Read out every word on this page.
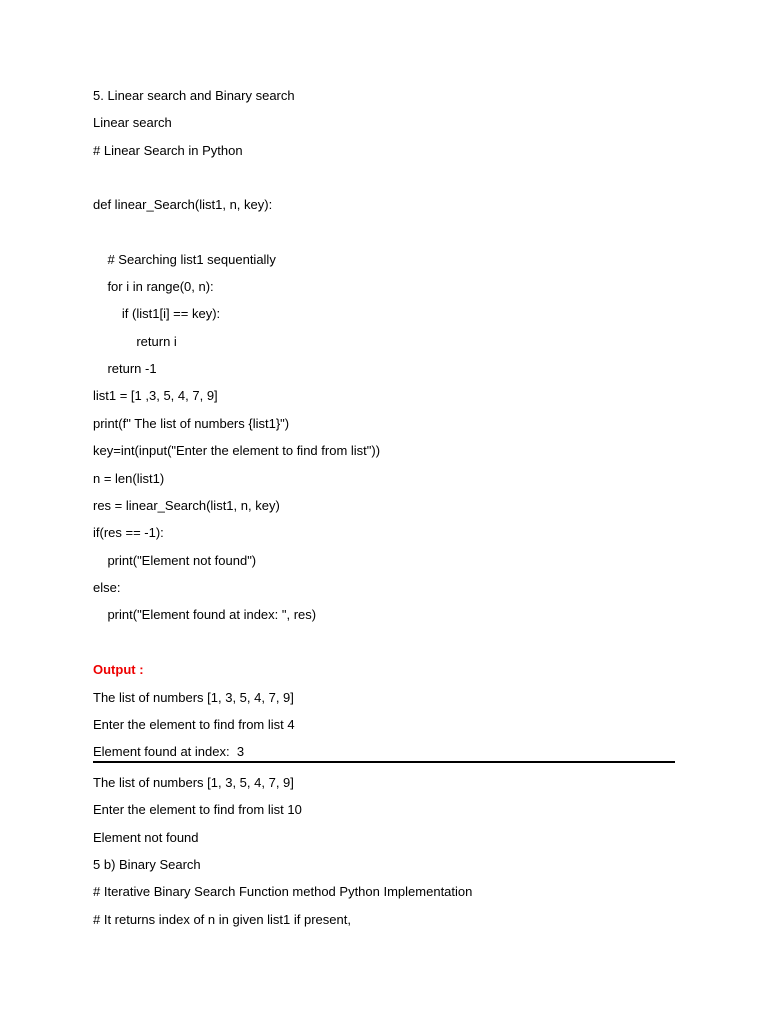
5. Linear search and Binary search
Linear search
# Linear Search in Python
def linear_Search(list1, n, key):
# Searching list1 sequentially
for i in range(0, n):
if (list1[i] == key):
return i
return -1
list1 = [1 ,3, 5, 4, 7, 9]
print(f" The list of numbers {list1}")
key=int(input("Enter the element to find from list"))
n = len(list1)
res = linear_Search(list1, n, key)
if(res == -1):
print("Element not found")
else:
print("Element found at index: ", res)
Output :
The list of numbers [1, 3, 5, 4, 7, 9]
Enter the element to find from list 4
Element found at index:  3
The list of numbers [1, 3, 5, 4, 7, 9]
Enter the element to find from list 10
Element not found
5 b) Binary Search
# Iterative Binary Search Function method Python Implementation
# It returns index of n in given list1 if present,
